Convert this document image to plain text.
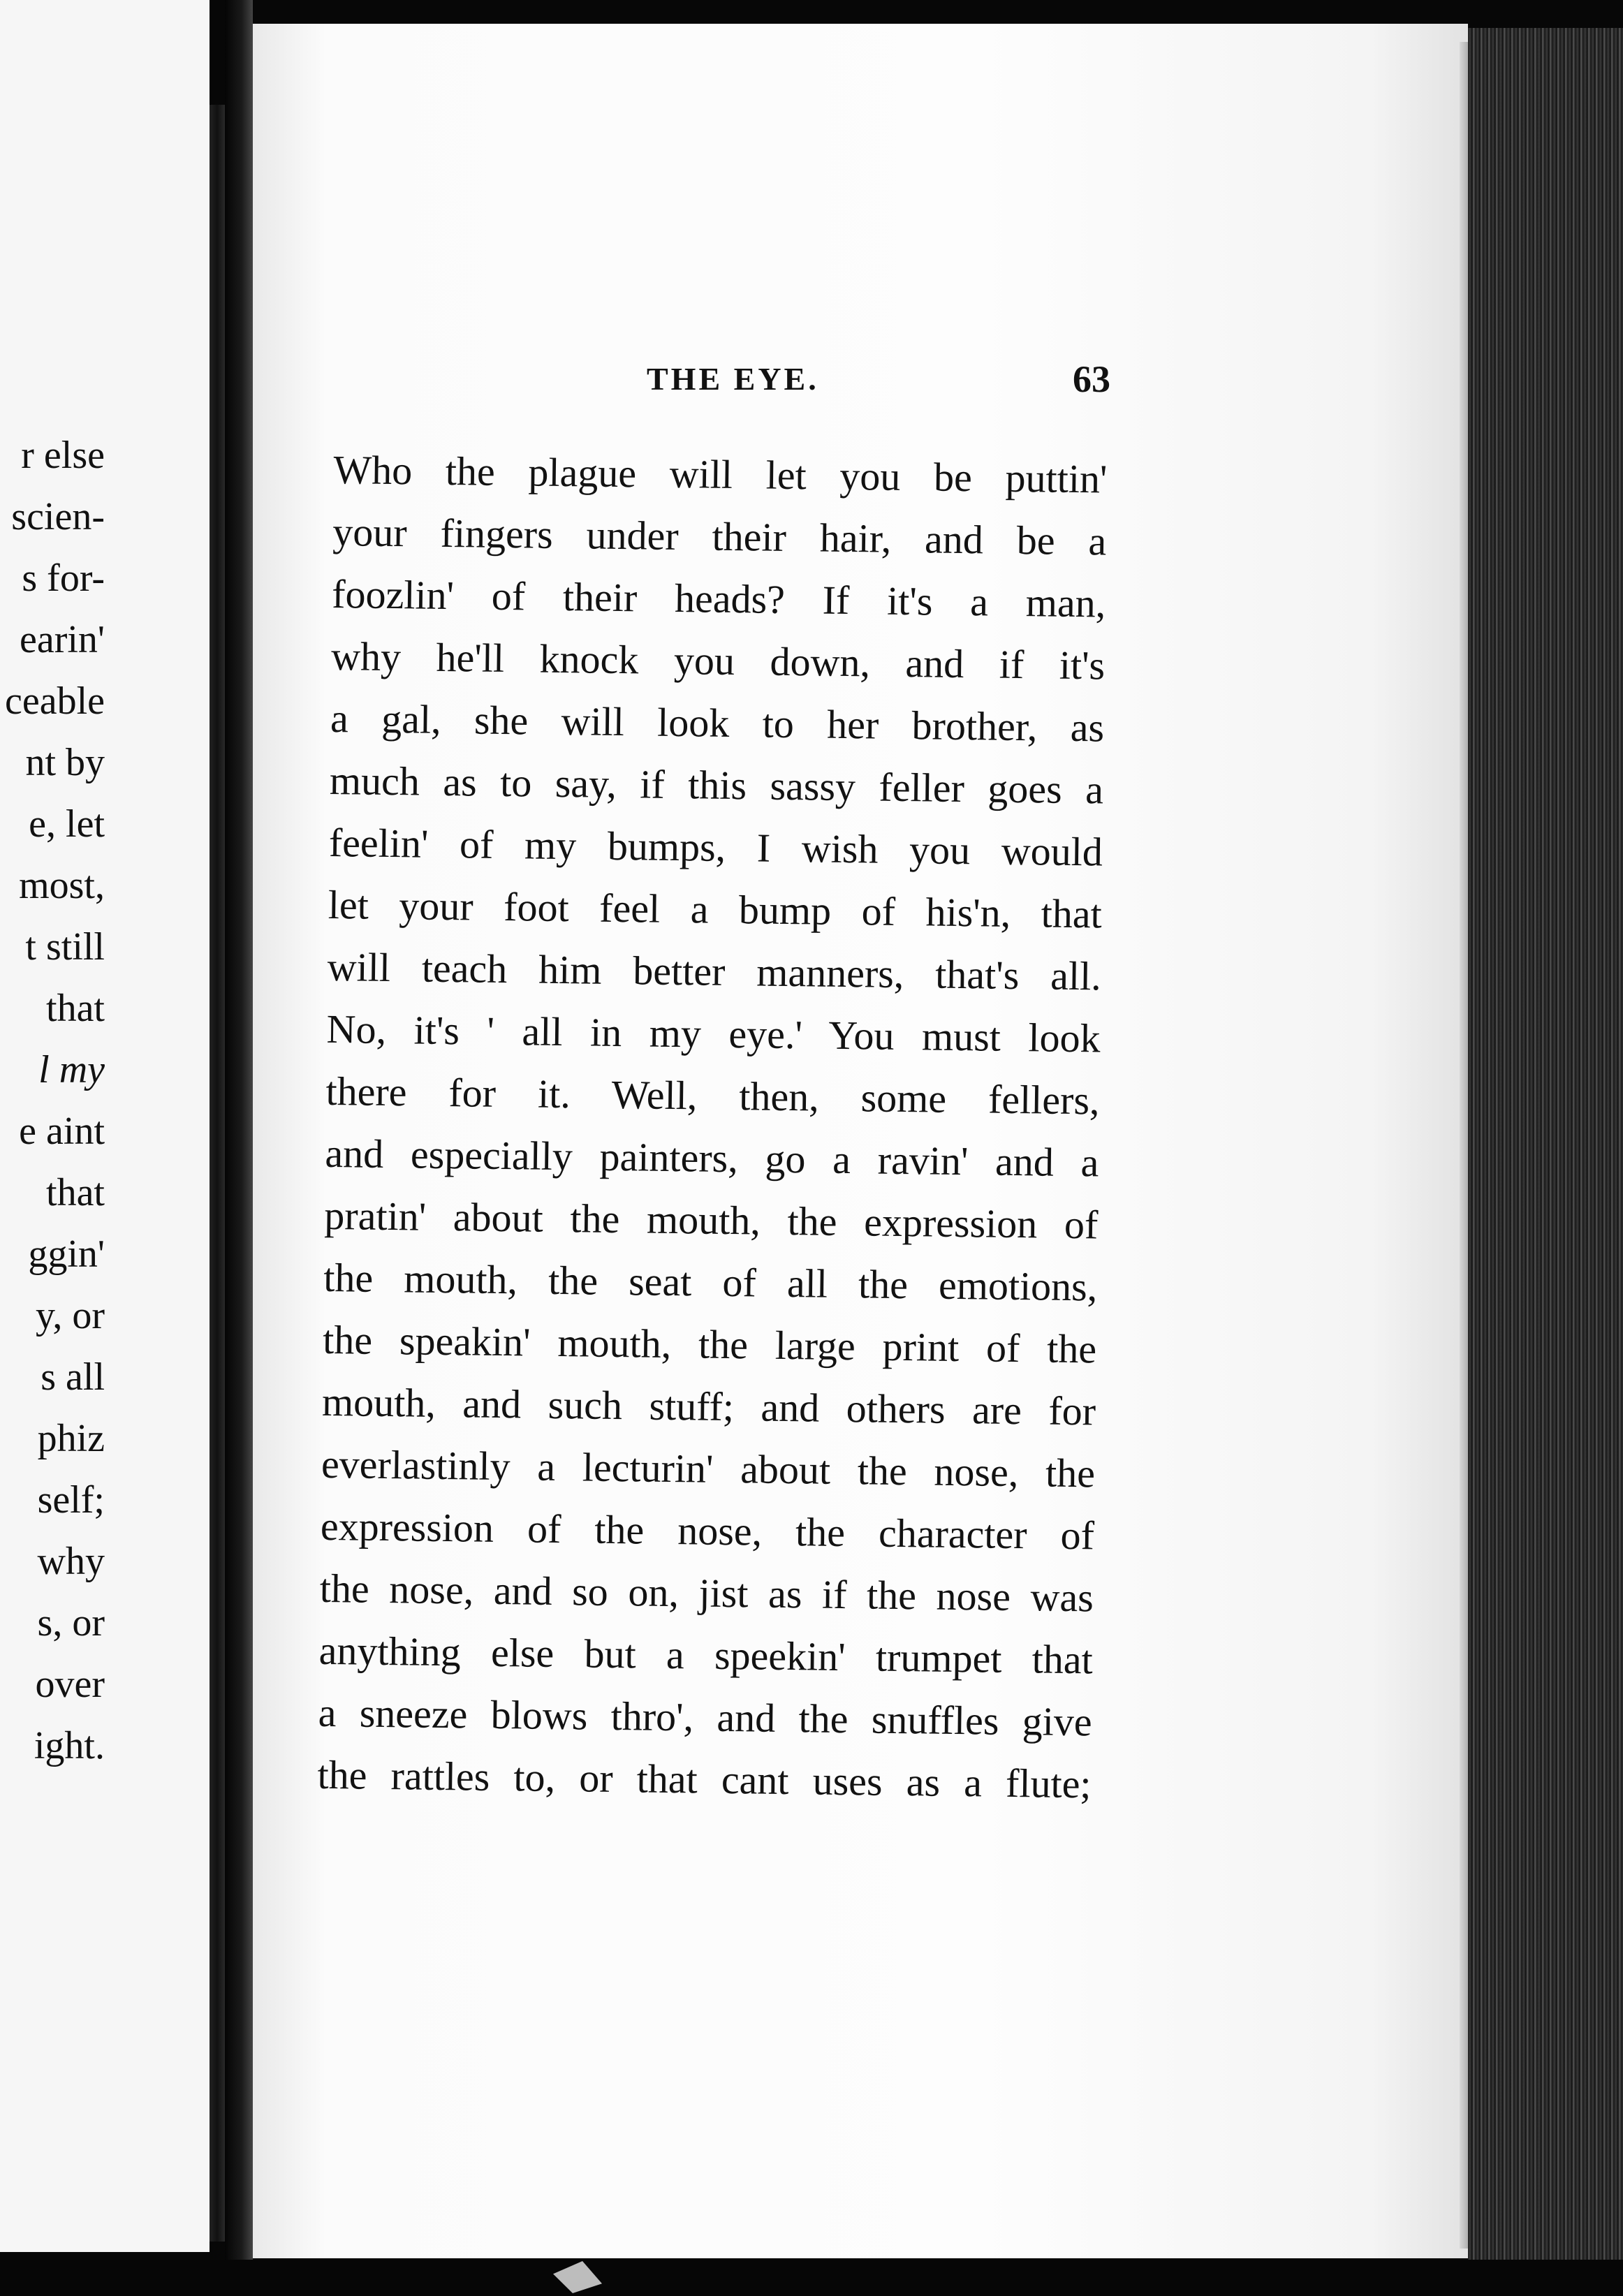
r else
scien-
s for-
earin'
ceable
nt by
e, let
most,
t still
that
l my
e aint
that
ggin'
y, or
s all
phiz
self;
why
s, or
over
ight.
THE EYE.	63
Who the plague will let you be puttin'
your fingers under their hair, and be a
foozlin' of their heads? If it's a man,
why he'll knock you down, and if it's
a gal, she will look to her brother, as
much as to say, if this sassy feller goes a
feelin' of my bumps, I wish you would
let your foot feel a bump of his'n, that
will teach him better manners, that's all.
No, it's ' all in my eye.' You must look
there for it. Well, then, some fellers,
and especially painters, go a ravin' and a
pratin' about the mouth, the expression of
the mouth, the seat of all the emotions,
the speakin' mouth, the large print of the
mouth, and such stuff; and others are for
everlastinly a lecturin' about the nose, the
expression of the nose, the character of
the nose, and so on, jist as if the nose was
anything else but a speekin' trumpet that
a sneeze blows thro', and the snuffles give
the rattles to, or that cant uses as a flute;
